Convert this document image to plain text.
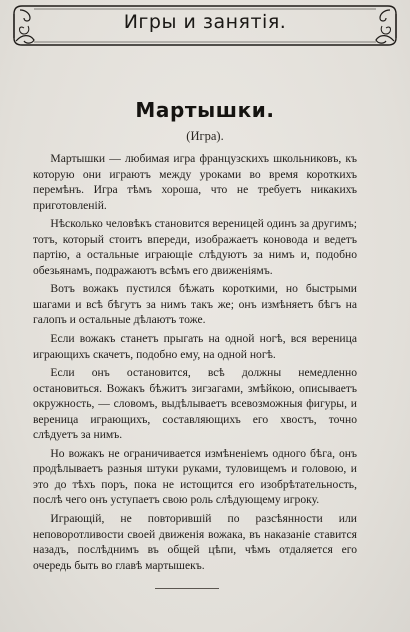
Игры и занятія.
Мартышки.
(Игра).

Мартышки — любимая игра французскихъ школьниковъ, къ которую они играютъ между уроками во время короткихъ перемѣнъ. Игра тѣмъ хороша, что не требуетъ никакихъ приготовленій.

Нѣсколько человѣкъ становится вереницей одинъ за другимъ; тотъ, который стоитъ впереди, изображаетъ коновода и ведетъ партію, а остальные играющіе слѣдуютъ за нимъ и, подобно обезьянамъ, подражаютъ всѣмъ его движеніямъ.

Вотъ вожакъ пустился бѣжать короткими, но быстрыми шагами и всѣ бѣгутъ за нимъ такъ же; онъ измѣняетъ бѣгъ на галопъ и остальные дѣлаютъ тоже.

Если вожакъ станетъ прыгать на одной ногѣ, вся вереница играющихъ скачетъ, подобно ему, на одной ногѣ.

Если онъ остановится, всѣ должны немедленно остановиться. Вожакъ бѣжитъ зигзагами, змѣйкою, описываетъ окружность, — словомъ, выдѣлываетъ всевозможныя фигуры, и вереница играющихъ, составляющихъ его хвостъ, точно слѣдуетъ за нимъ.

Но вожакъ не ограничивается измѣненіемъ одного бѣга, онъ продѣлываетъ разныя штуки руками, туловищемъ и головою, и это до тѣхъ поръ, пока не истощится его изобрѣтательность, послѣ чего онъ уступаетъ свою роль слѣдующему игроку.

Играющій, не повторившій по разсѣянности или неповоротливости своей движенія вожака, въ наказаніе ставится назадъ, послѣднимъ въ общей цѣпи, чѣмъ отдаляется его очередь быть во главѣ мартышекъ.
